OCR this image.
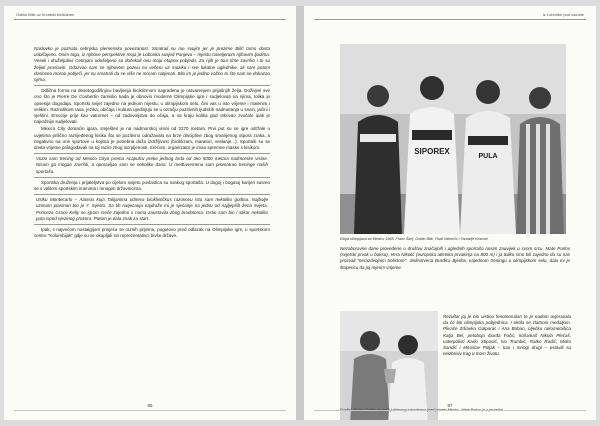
Ostilio Bilić uz hrvatski biciklizam

Naslovko je poznata cetinjska plemenska povezanost. Smatrali su me svojim jer je prezime Bilić tamo dosta uobičajeno. Osim toga, iz njihove perspektive moja je Loborika susjed Panjevu – mjestu naseljenom njihovim ljudima. Veseli i druželjubivi Cetinjani odušeljeno su dočekali ovu moju etapnu pobjedu. Za njih je tour time završio i to su željeli proslaviti. Odazvao sam se njihovom pozivu na večeru uz muziku i sve lokalne uglednike, ali sam potom doslovno morao pobjeći, jer su smatrali da se više ne moram natjecati. Bilo im je jedino važno to što sam se dokazao njima.

Odlična forma na desetogodišnjicu bavljenja biciklizmom nagrađena je ostvarenjem prijašnjih želja. Doživjeti sve ono što je Pierre De Coubertin zamislio kada je obnovio moderne Olimpijske igre i sudjelovati na njima, tolika je opsesija dogodaja. Sportski svijet zajedno na jednom mjestu, u olimpijskom selu, čini vas u isto vrijeme i malenim i velikim. Raznolikost rasa, jezika, običaja i kultura ujedinjuju se u ozračju pozitivnih ljudskih nadmetanja u snazi, jačini i vještini. Emocije prije kao vatromet – od zadovoljstva do očaja, a na kraju kolika god otkrivao zvučalo ipak je najvažnije sudjelovati.

Mexico City domaćin igara, smješten je na nadmorskoj visini od 2270 metara. Prvi put su se igre održale u uvjetima prilično razrijeđenog kisika što se pozitivno odražavalo na brze discipline zbog smanjenog otpora zraka, a negativno na one sportove u kojima je potrebna duža izdržljivost (biciklizam, maraton, veslanje...). Sportaši su se dosta vrijeme prilagođavali na toj razini zbog iscrpljenosti. Srećom, organizator je imao spremne maske s kisikom.

Vozio sam trening od Mexico Citya prema Acapulcu preko jednog brda od oko 5000 metara nadmorske visine. Nisam ga mogao završiti, a oporavljao sam se nekoliko dana. U međuvremenu sam promatrao treninge naših sportaša.

Sportska druženja i prijateljstva po cijelom svijetu povlastica su svakog sportaša. U dugoj i bogatoj karijeri susreo se s velikim sportskim imenima i mnogim državnicima.

Ustku Montecarlo – Alassio koja Talijanima odneva biciklističkus razonovu istu sam nekoliko godina. Najbolje uzimam plasman bio je 7. mjesto. Sa tih natjecanja najdraže mi je sjećanje na jednu od najljepših žena svijeta. Princeza Grace Kelly se igrom sreće zajedno s nama zaustavila zbog brodoloma. Ostio sam bio i slikar nekoliko puta ispod njezinog prozora. Potom je dala znak za start.

Ipak, s najvećom nostalgijom prisjeća se raznih prijema, pogotovo pred odlazak na Olimpijske igre, u sportskom centru "Kolumbijak" gdje su se okupljali svi reprezentativci bivše države.

86
Iz Loborike pod oscotte
SIPOREX
PULA
Ekipa olimpijaca za Mexico 1968. Franc Škrlj, Ostilio Bilić, Rudi Valenčić i Tanasije Kosović
Nezaboravne dane provedene u društvu značajnih i uglednih sportaša nosim zauvijek u svom srcu. Mate Parlov (svjetski prvak u boksu), Vera Nikolić (europska atletska prvakinja na 800 m) i ja toliko smo bili zajedno da su nas prozvali "nerazdvojnim trolistom". Jedinstvena Đurđica Bjedov, najednom treningu u olimpijskom selu, dala mi je štopericu da joj mjerim vrijeme.
Rezultat joj je bio uistinu fenomenalan te je nadom uvjeravala da će biti olimpijska pobjednica. I oktila se zlatnom medaljom. Plivače Zdravka Galparac i Ana Boban, oljećku rukometašica Katja Bel, petoboja Đurđa Fočić, košarkaš Nikola Plećaš, vaterpolisti Karlo Stipanić, Ivo Trumbić, Ratko Rudić, Mirko Sandić i Miroslav Poljak – kao i mnogi drugi – ostavili su neizbrisiv trag u mom životu.
87
